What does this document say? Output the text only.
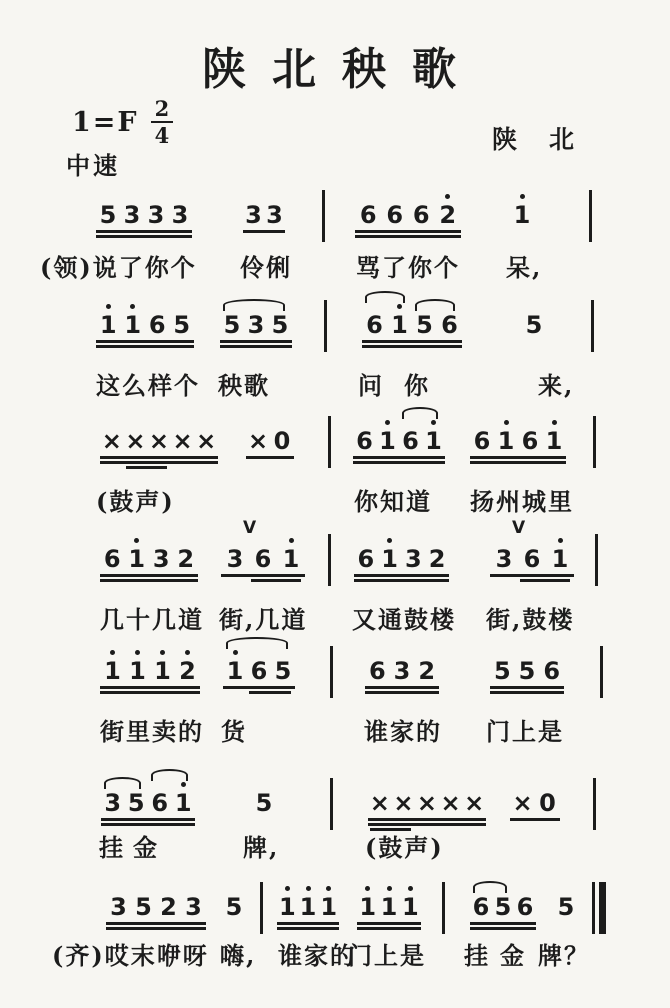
陕北秧歌
$1=F \frac{2}{4}$
中速
陕北
5 3 3 3 3 3	6 6 6 2 1
(领)说了你个 伶俐	骂了你个 呆,
1 1 6 5 5 3 5	6 1 5 6	5
这么样个 秧歌	问 你	来,
× × × × × × 0	6 1 6 1 6 1 6 1
(鼓声)	你知道 扬州城里
6 1 3 2 3 6 1
V
6 1 3 2 3 6 1
V
几十几道 街,几道 又通鼓楼 街,鼓楼
1 1 1 2 1 6 5	6 3 2 5 5 6
街里卖的 货	谁家的 门上是
3 5 6 1	5	× × × × × × 0
挂 金	牌,	(鼓声)
3 5 2 3 5 1 1 1 1 1 1 6 5 6 5
(齐)哎末咿呀 嗨, 谁家的
门上是 挂 金 牌？
